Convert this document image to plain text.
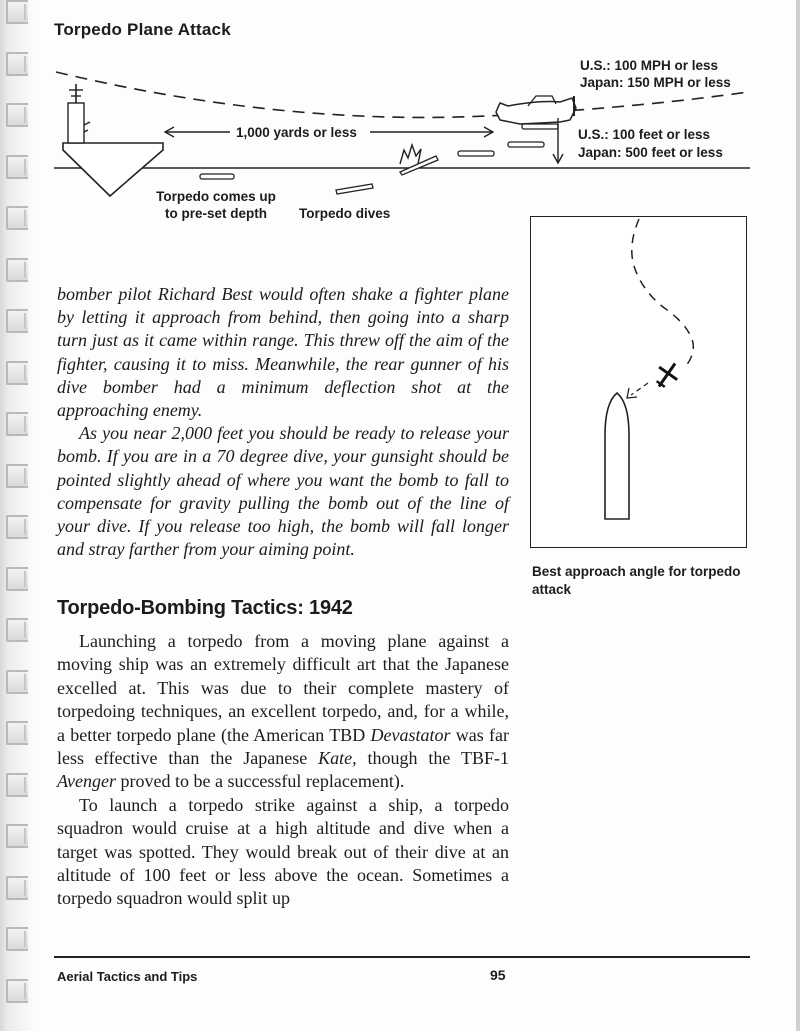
Torpedo Plane Attack
U.S.: 100 MPH or less
Japan: 150 MPH or less
1,000 yards or less	U.S.: 100 feet or less
Japan: 500 feet or less
Torpedo comes up
to pre-set depth	Torpedo dives
Best approach angle for torpedo attack

bomber pilot Richard Best would often shake a fighter plane by letting it approach from behind, then going into a sharp turn just as it came within range. This threw off the aim of the fighter, causing it to miss. Meanwhile, the rear gunner of his dive bomber had a minimum deflection shot at the approaching enemy.

As you near 2,000 feet you should be ready to release your bomb. If you are in a 70 degree dive, your gunsight should be pointed slightly ahead of where you want the bomb to fall to compensate for gravity pulling the bomb out of the line of your dive. If you release too high, the bomb will fall longer and stray farther from your aiming point.

Torpedo-Bombing Tactics: 1942

Launching a torpedo from a moving plane against a moving ship was an extremely difficult art that the Japanese excelled at. This was due to their complete mastery of torpedoing techniques, an excellent torpedo, and, for a while, a better torpedo plane (the American TBD Devastator was far less effective than the Japanese Kate, though the TBF-1 Avenger proved to be a successful replacement).

To launch a torpedo strike against a ship, a torpedo squadron would cruise at a high altitude and dive when a target was spotted. They would break out of their dive at an altitude of 100 feet or less above the ocean. Sometimes a torpedo squadron would split up

Aerial Tactics and Tips	95
